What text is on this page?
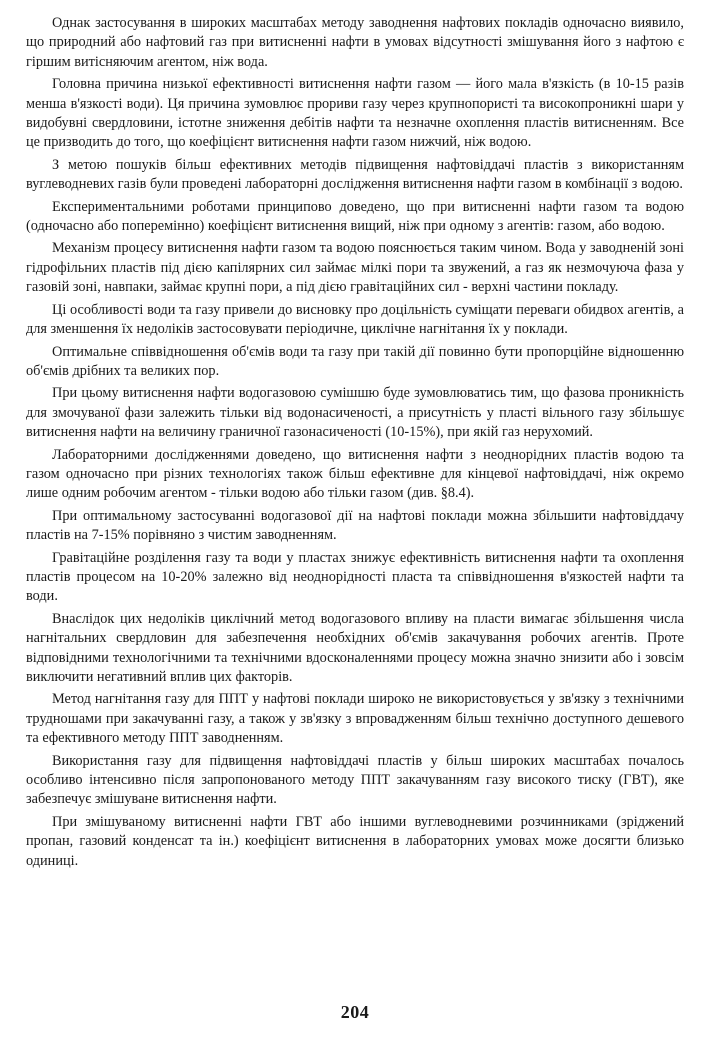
Однак застосування в широких масштабах методу заводнення нафтових покладів одночасно виявило, що природний або нафтовий газ при витисненні нафти в умовах відсутності змішування його з нафтою є гіршим витісняючим агентом, ніж вода.

Головна причина низької ефективності витиснення нафти газом — його мала в'язкість (в 10-15 разів менша в'язкості води). Ця причина зумовлює прориви газу через крупнопористі та високопроникні шари у видобувні свердловини, істотне зниження дебітів нафти та незначне охоплення пластів витисненням. Все це призводить до того, що коефіцієнт витиснення нафти газом нижчий, ніж водою.

З метою пошуків більш ефективних методів підвищення нафтовіддачі пластів з використанням вуглеводневих газів були проведені лабораторні дослідження витиснення нафти газом в комбінації з водою.

Експериментальними роботами принципово доведено, що при витисненні нафти газом та водою (одночасно або поперемінно) коефіцієнт витиснення вищий, ніж при одному з агентів: газом, або водою.

Механізм процесу витиснення нафти газом та водою пояснюється таким чином. Вода у заводненій зоні гідрофільних пластів під дією капілярних сил займає мілкі пори та звужений, а газ як незмочуюча фаза у газовій зоні, навпаки, займає крупні пори, а під дією гравітаційних сил - верхні частини покладу.

Ці особливості води та газу привели до висновку про доцільність суміщати переваги обидвох агентів, а для зменшення їх недоліків застосовувати періодичне, циклічне нагнітання їх у поклади.

Оптимальне співвідношення об'ємів води та газу при такій дії повинно бути пропорційне відношенню об'ємів дрібних та великих пор.

При цьому витиснення нафти водогазовою сумішшю буде зумовлюватись тим, що фазова проникність для змочуваної фази залежить тільки від водонасиченості, а присутність у пласті вільного газу збільшує витиснення нафти на величину граничної газонасиченості (10-15%), при якій газ нерухомий.

Лабораторними дослідженнями доведено, що витиснення нафти з неоднорідних пластів водою та газом одночасно при різних технологіях також більш ефективне для кінцевої нафтовіддачі, ніж окремо лише одним робочим агентом - тільки водою або тільки газом (див. §8.4).

При оптимальному застосуванні водогазової дії на нафтові поклади можна збільшити нафтовіддачу пластів на 7-15% порівняно з чистим заводненням.

Гравітаційне розділення газу та води у пластах знижує ефективність витиснення нафти та охоплення пластів процесом на 10-20% залежно від неоднорідності пласта та співвідношення в'язкостей нафти та води.

Внаслідок цих недоліків циклічний метод водогазового впливу на пласти вимагає збільшення числа нагнітальних свердловин для забезпечення необхідних об'ємів закачування робочих агентів. Проте відповідними технологічними та технічними вдосконаленнями процесу можна значно знизити або і зовсім виключити негативний вплив цих факторів.

Метод нагнітання газу для ППТ у нафтові поклади широко не використовується у зв'язку з технічними трудношами при закачуванні газу, а також у зв'язку з впровадженням більш технічно доступного дешевого та ефективного методу ППТ заводненням.

Використання газу для підвищення нафтовіддачі пластів у більш широких масштабах почалось особливо інтенсивно після запропонованого методу ППТ закачуванням газу високого тиску (ГВТ), яке забезпечує змішуване витиснення нафти.

При змішуваному витисненні нафти ГВТ або іншими вуглеводневими розчинниками (зріджений пропан, газовий конденсат та ін.) коефіцієнт витиснення в лабораторних умовах може досягти близько одиниці.

204
